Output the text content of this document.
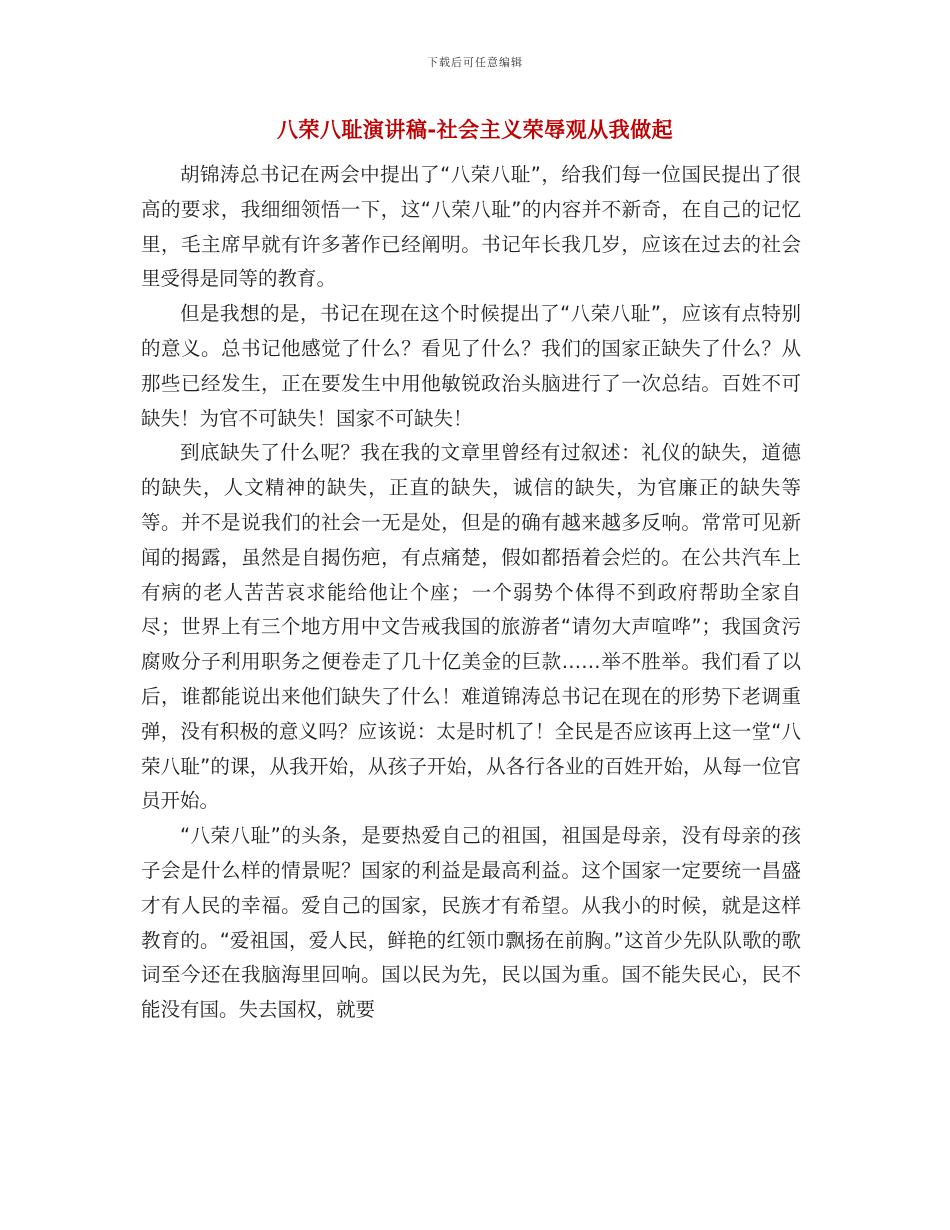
下载后可任意编辑
八荣八耻演讲稿-社会主义荣辱观从我做起

胡锦涛总书记在两会中提出了“八荣八耻”，给我们每一位国民提出了很高的要求，我细细领悟一下，这“八荣八耻”的内容并不新奇，在自己的记忆里，毛主席早就有许多著作已经阐明。书记年长我几岁，应该在过去的社会里受得是同等的教育。

但是我想的是，书记在现在这个时候提出了“八荣八耻”，应该有点特别的意义。总书记他感觉了什么？看见了什么？我们的国家正缺失了什么？从那些已经发生，正在要发生中用他敏锐政治头脑进行了一次总结。百姓不可缺失！为官不可缺失！国家不可缺失！

到底缺失了什么呢？我在我的文章里曾经有过叙述：礼仪的缺失，道德的缺失，人文精神的缺失，正直的缺失，诚信的缺失，为官廉正的缺失等等。并不是说我们的社会一无是处，但是的确有越来越多反响。常常可见新闻的揭露，虽然是自揭伤疤，有点痛楚，假如都捂着会烂的。在公共汽车上有病的老人苦苦哀求能给他让个座；一个弱势个体得不到政府帮助全家自尽；世界上有三个地方用中文告戒我国的旅游者“请勿大声喧哗”；我国贪污腐败分子利用职务之便卷走了几十亿美金的巨款……举不胜举。我们看了以后，谁都能说出来他们缺失了什么！难道锦涛总书记在现在的形势下老调重弹，没有积极的意义吗？应该说：太是时机了！全民是否应该再上这一堂“八荣八耻”的课，从我开始，从孩子开始，从各行各业的百姓开始，从每一位官员开始。

“八荣八耻”的头条，是要热爱自己的祖国，祖国是母亲，没有母亲的孩子会是什么样的情景呢？国家的利益是最高利益。这个国家一定要统一昌盛才有人民的幸福。爱自己的国家，民族才有希望。从我小的时候，就是这样教育的。“爱祖国，爱人民，鲜艳的红领巾飘扬在前胸。”这首少先队队歌的歌词至今还在我脑海里回响。国以民为先，民以国为重。国不能失民心，民不能没有国。失去国权，就要
